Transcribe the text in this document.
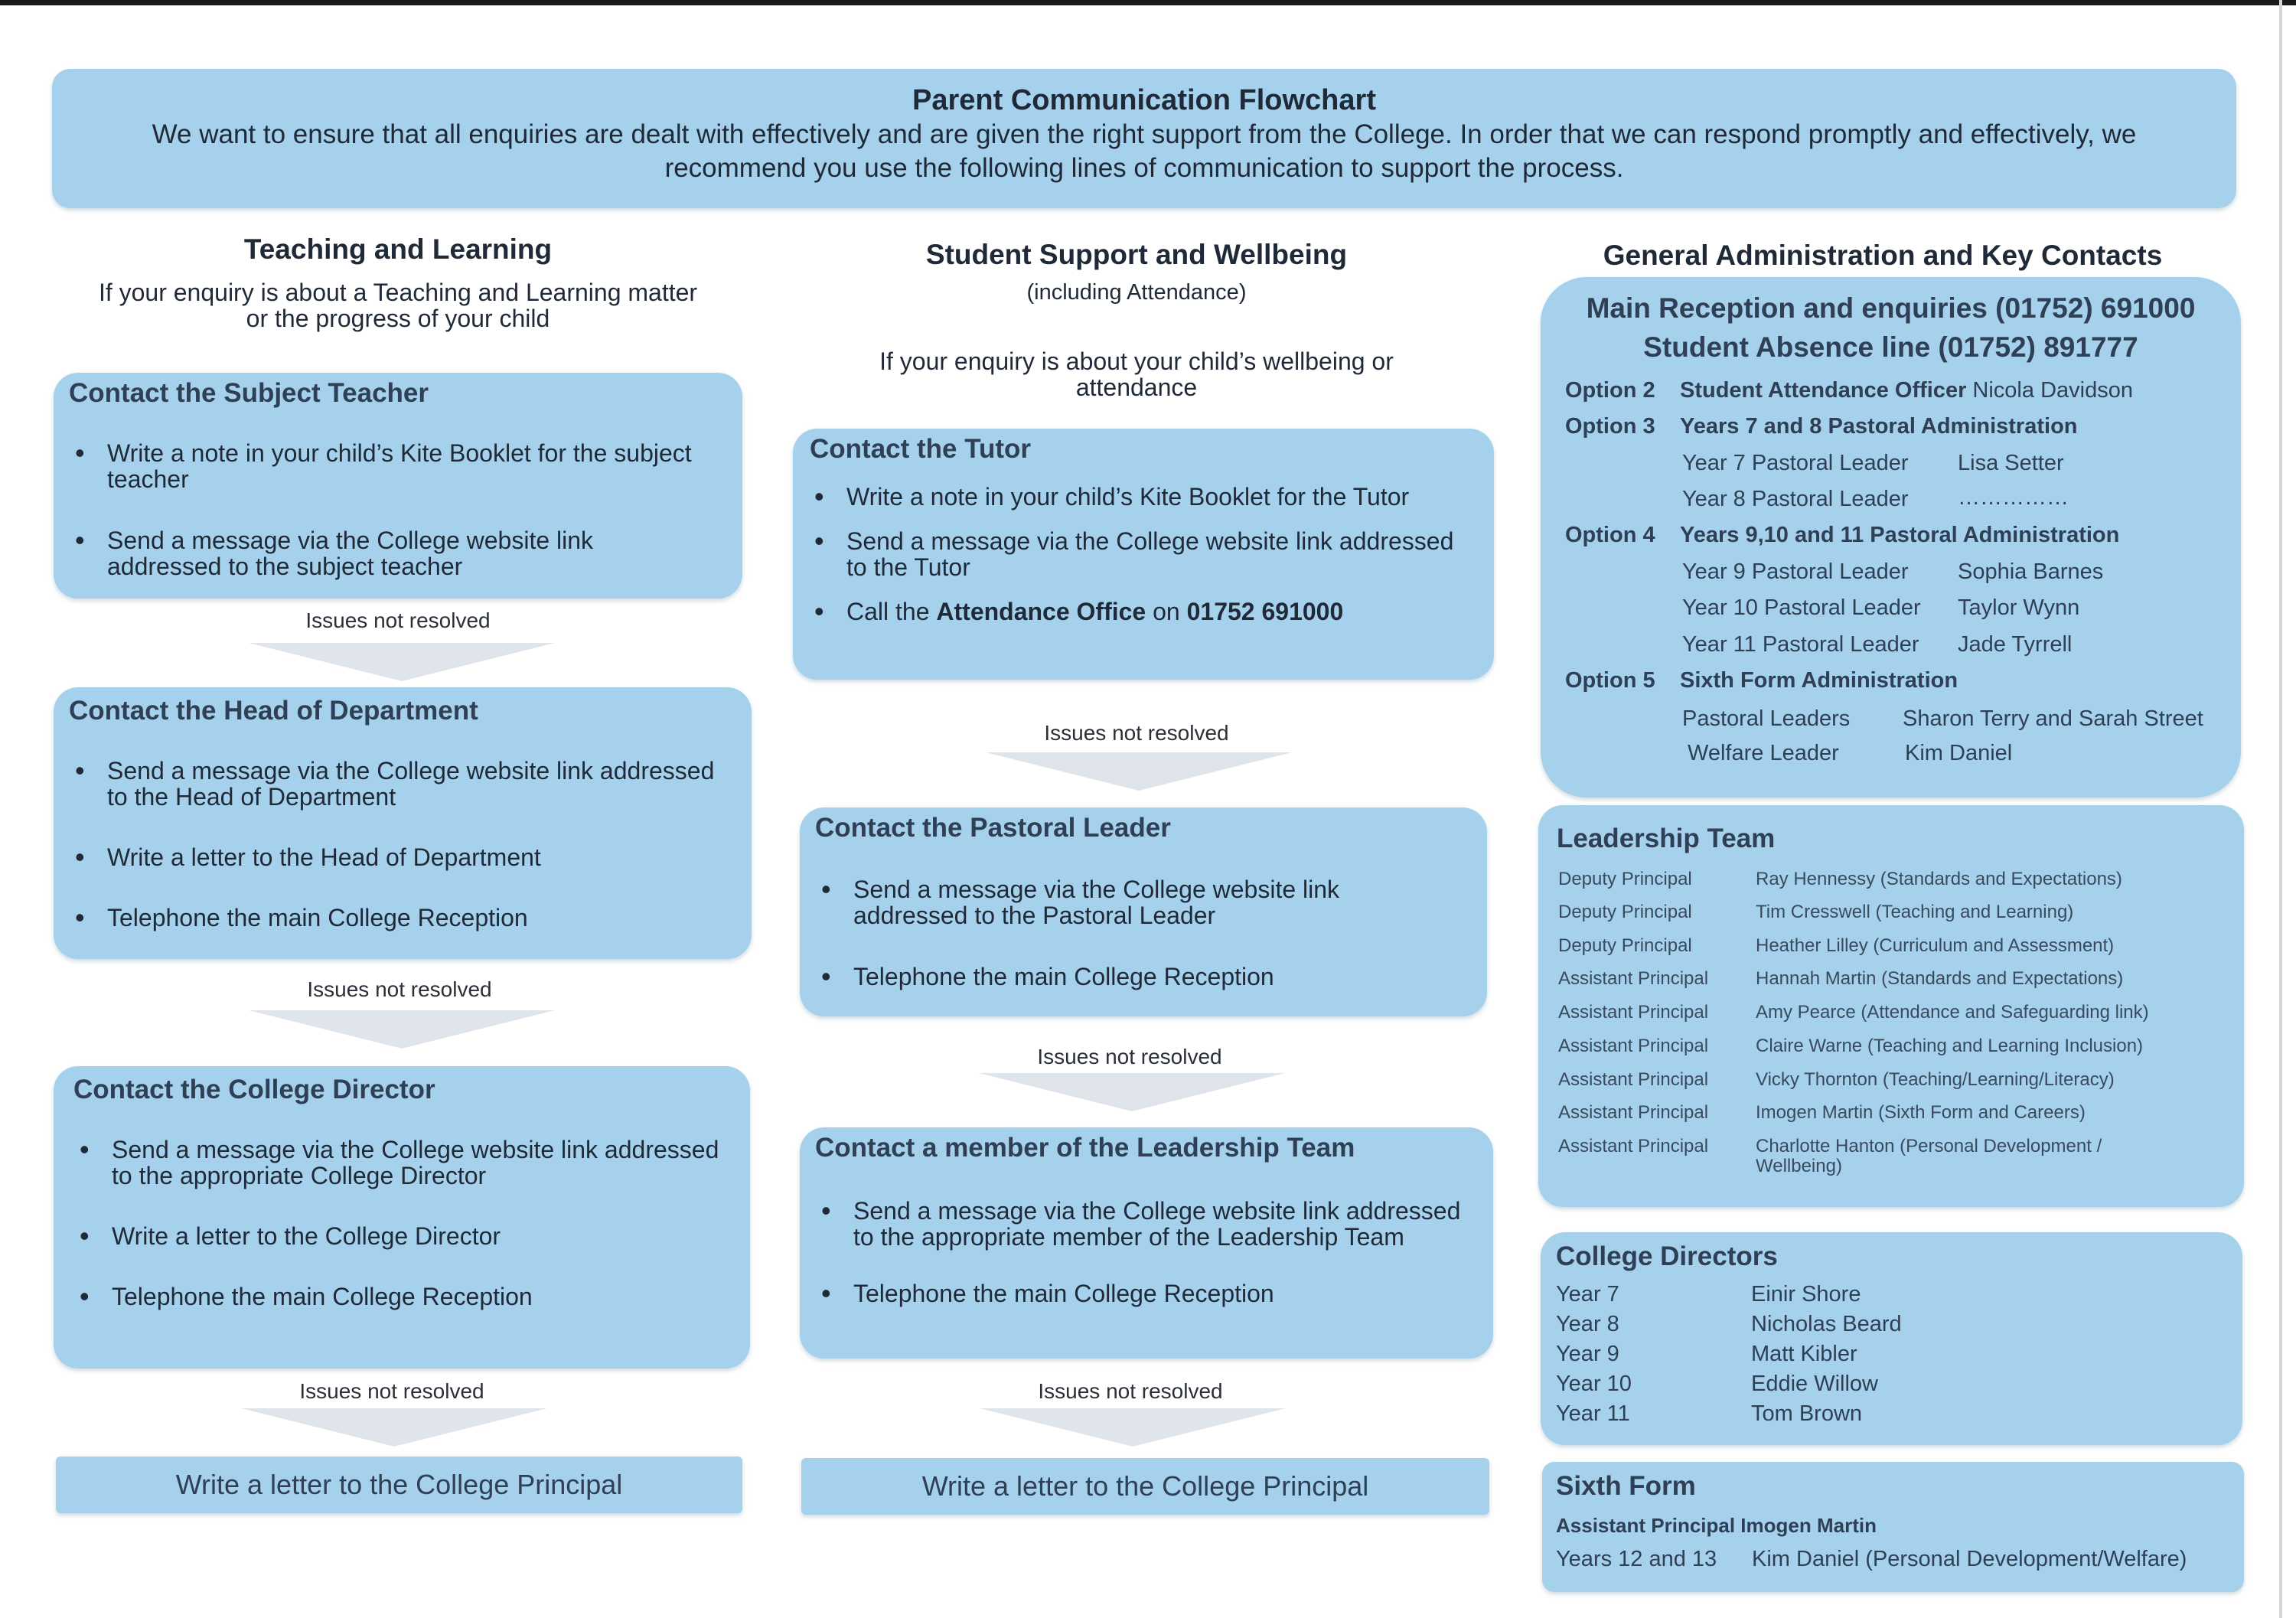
Parent Communication Flowchart
We want to ensure that all enquiries are dealt with effectively and are given the right support from the College. In order that we can respond promptly and effectively, we recommend you use the following lines of communication to support the process.
Teaching and Learning
If your enquiry is about a Teaching and Learning matter
or the progress of your child
Contact the Subject Teacher
• Write a note in your child’s Kite Booklet for the subject teacher
• Send a message via the College website link addressed to the subject teacher
Issues not resolved
Contact the Head of Department
• Send a message via the College website link addressed to the Head of Department
• Write a letter to the Head of Department
• Telephone the main College Reception
Issues not resolved
Contact the College Director
• Send a message via the College website link addressed to the appropriate College Director
• Write a letter to the College Director
• Telephone the main College Reception
Issues not resolved
Write a letter to the College Principal
Student Support and Wellbeing
(including Attendance)
If your enquiry is about your child’s wellbeing or
attendance
Contact the Tutor
• Write a note in your child’s Kite Booklet for the Tutor
• Send a message via the College website link addressed to the Tutor
• Call the Attendance Office on 01752 691000
Issues not resolved
Contact the Pastoral Leader
• Send a message via the College website link addressed to the Pastoral Leader
• Telephone the main College Reception
Issues not resolved
Contact a member of the Leadership Team
• Send a message via the College website link addressed to the appropriate member of the Leadership Team
• Telephone the main College Reception
Issues not resolved
Write a letter to the College Principal
General Administration and Key Contacts
Main Reception and enquiries (01752) 691000
Student Absence line (01752) 891777
Option 2 Student Attendance Officer Nicola Davidson
Option 3 Years 7 and 8 Pastoral Administration
Year 7 Pastoral Leader Lisa Setter
Year 8 Pastoral Leader ……………
Option 4 Years 9,10 and 11 Pastoral Administration
Year 9 Pastoral Leader Sophia Barnes
Year 10 Pastoral Leader Taylor Wynn
Year 11 Pastoral Leader Jade Tyrrell
Option 5 Sixth Form Administration
Pastoral Leaders Sharon Terry and Sarah Street
Welfare Leader	Kim Daniel
Leadership Team
Deputy Principal	Ray Hennessy (Standards and Expectations)
Deputy Principal	Tim Cresswell (Teaching and Learning)
Deputy Principal	Heather Lilley (Curriculum and Assessment)
Assistant Principal	Hannah Martin (Standards and Expectations)
Assistant Principal	Amy Pearce (Attendance and Safeguarding link)
Assistant Principal	Claire Warne (Teaching and Learning Inclusion)
Assistant Principal	Vicky Thornton (Teaching/Learning/Literacy)
Assistant Principal	Imogen Martin (Sixth Form and Careers)
Assistant Principal	Charlotte Hanton (Personal Development / Wellbeing)
College Directors
Year 7	Einir Shore
Year 8	Nicholas Beard
Year 9	Matt Kibler
Year 10	Eddie Willow
Year 11	Tom Brown
Sixth Form
Assistant Principal Imogen Martin
Years 12 and 13 Kim Daniel (Personal Development/Welfare)
